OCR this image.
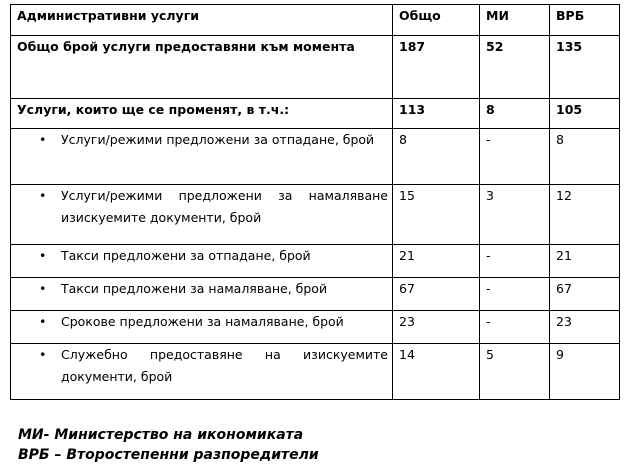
Административни услуги	Общо	МИ	ВРБ
Общо брой услуги предоставяни към момента	187	52	135
Услуги, които ще се променят, в т.ч.:	113	8	105

• Услуги/режими предложени за отпадане, брой	8	-	8

• Услуги/режими предложени за намаляване изискуемите документи, брой	15	3	12

• Такси предложени за отпадане, брой	21	-	21

• Такси предложени за намаляване, брой	67	-	67

• Срокове предложени за намаляване, брой	23	-	23

• Служебно предоставяне на изискуемите документи, брой	14	5	9
МИ- Министерство на икономиката
ВРБ – Второстепенни разпоредители
